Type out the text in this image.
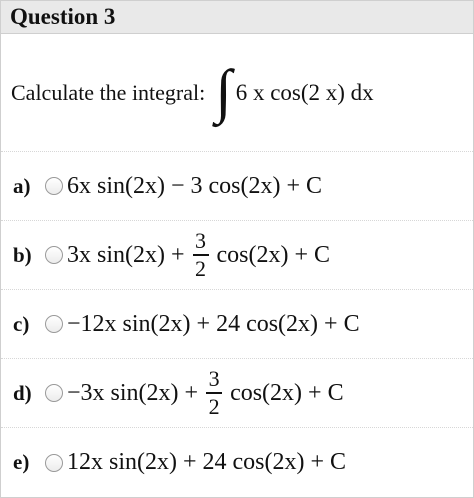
Question 3
Calculate the integral: ∫ 6 x cos(2 x) dx
a) 6x sin(2x) − 3 cos(2x) + C
b) 3x $\sin(2x) + \frac{3}{2} \cos(2x) + C$
c) −12x sin(2x) + 24 cos(2x) + C
d) −3x $\sin(2x) + \frac{3}{2} \cos(2x) + C$
e) 12x sin(2x) + 24 cos(2x) + C
